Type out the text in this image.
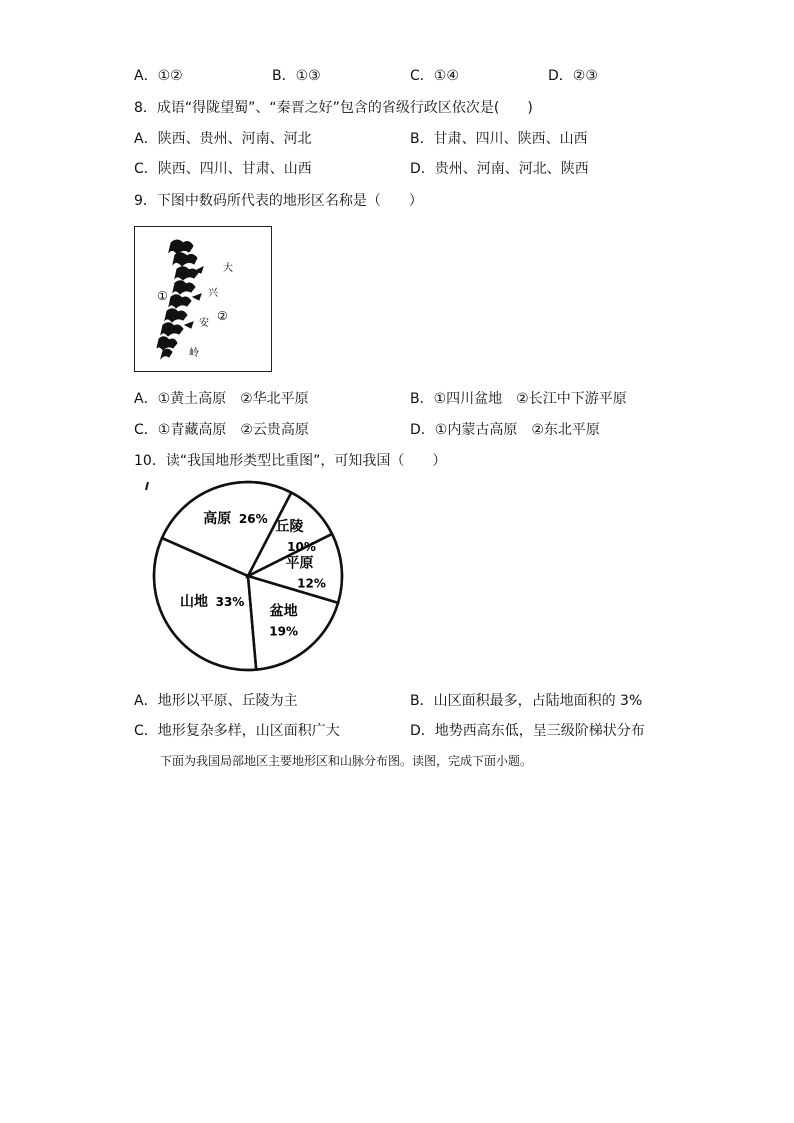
A．①②	B．①③	C．①④	D．②③
8．成语“得陇望蜀”、“秦晋之好”包含的省级行政区依次是(　　)
A．陕西、贵州、河南、河北	B．甘肃、四川、陕西、山西
C．陕西、四川、甘肃、山西	D．贵州、河南、河北、陕西
9．下图中数码所代表的地形区名称是（　　）
大
兴
安
岭
①
②
A．①黄土高原　②华北平原	B．①四川盆地　②长江中下游平原
C．①青藏高原　②云贵高原	D．①内蒙古高原　②东北平原
10．读“我国地形类型比重图”，可知我国（　　）
山地 33%
高原 26%
丘陵
10%
平原
12%
盆地
19%
A．地形以平原、丘陵为主	B．山区面积最多，占陆地面积的 3%
C．地形复杂多样，山区面积广大	D．地势西高东低，呈三级阶梯状分布
下面为我国局部地区主要地形区和山脉分布图。读图，完成下面小题。
